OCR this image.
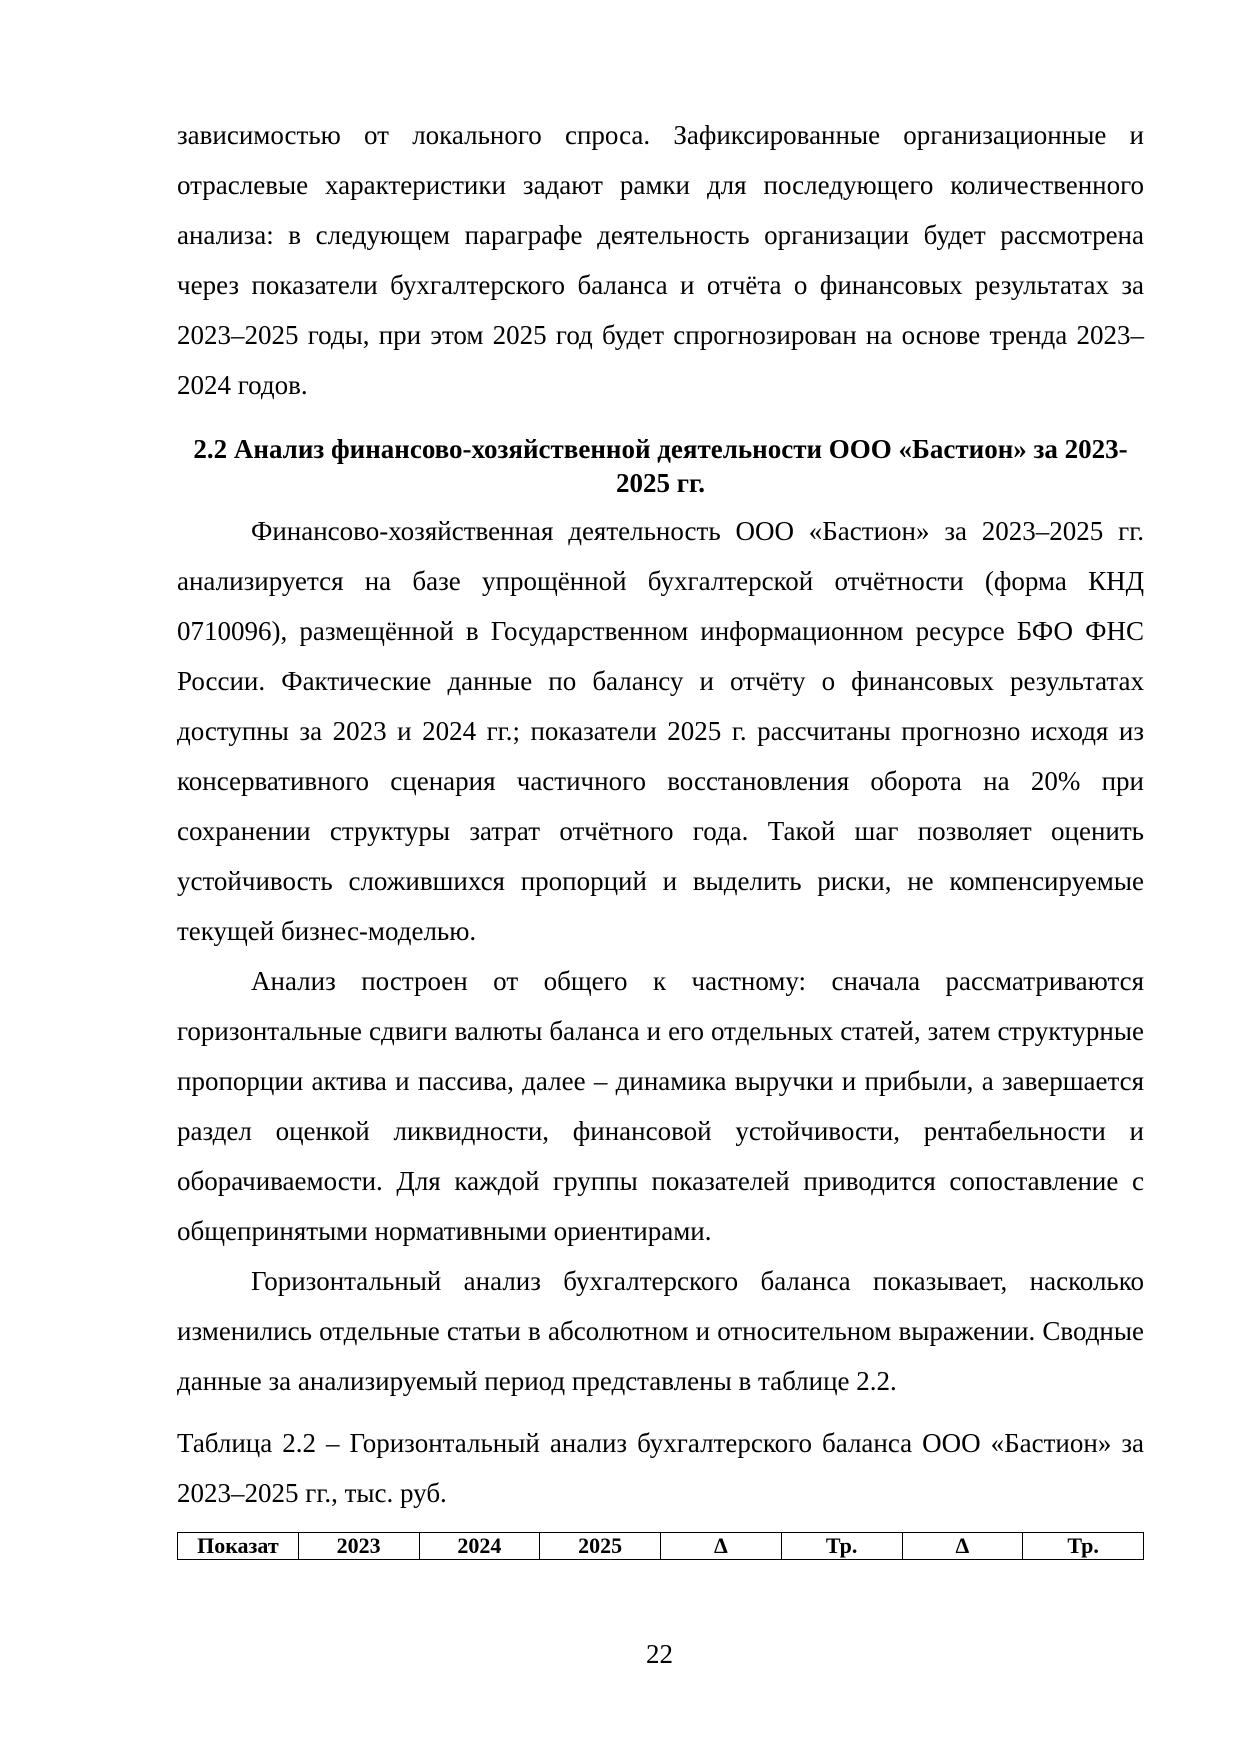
зависимостью от локального спроса. Зафиксированные организационные и отраслевые характеристики задают рамки для последующего количественного анализа: в следующем параграфе деятельность организации будет рассмотрена через показатели бухгалтерского баланса и отчёта о финансовых результатах за 2023–2025 годы, при этом 2025 год будет спрогнозирован на основе тренда 2023–2024 годов.

2.2 Анализ финансово-хозяйственной деятельности ООО «Бастион» за 2023-2025 гг.

Финансово-хозяйственная деятельность ООО «Бастион» за 2023–2025 гг. анализируется на базе упрощённой бухгалтерской отчётности (форма КНД 0710096), размещённой в Государственном информационном ресурсе БФО ФНС России. Фактические данные по балансу и отчёту о финансовых результатах доступны за 2023 и 2024 гг.; показатели 2025 г. рассчитаны прогнозно исходя из консервативного сценария частичного восстановления оборота на 20% при сохранении структуры затрат отчётного года. Такой шаг позволяет оценить устойчивость сложившихся пропорций и выделить риски, не компенсируемые текущей бизнес-моделью.

Анализ построен от общего к частному: сначала рассматриваются горизонтальные сдвиги валюты баланса и его отдельных статей, затем структурные пропорции актива и пассива, далее – динамика выручки и прибыли, а завершается раздел оценкой ликвидности, финансовой устойчивости, рентабельности и оборачиваемости. Для каждой группы показателей приводится сопоставление с общепринятыми нормативными ориентирами.

Горизонтальный анализ бухгалтерского баланса показывает, насколько изменились отдельные статьи в абсолютном и относительном выражении. Сводные данные за анализируемый период представлены в таблице 2.2.

Таблица 2.2 – Горизонтальный анализ бухгалтерского баланса ООО «Бастион» за 2023–2025 гг., тыс. руб.

Показат	2023	2024	2025	Δ	Тр.	Δ	Тр.
22
